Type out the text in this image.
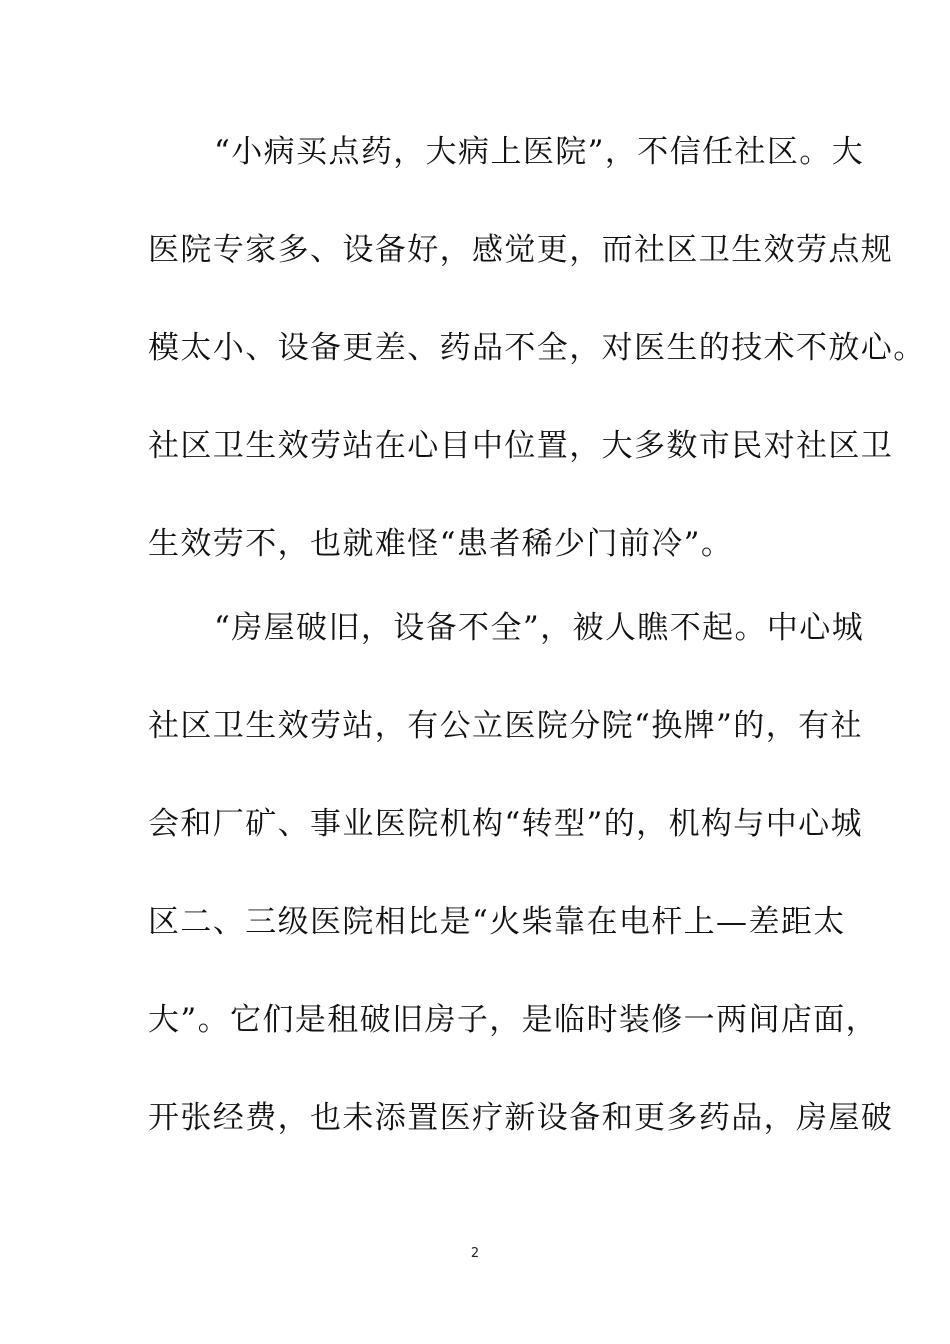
“小病买点药，大病上医院”，不信任社区。大
医院专家多、设备好，感觉更，而社区卫生效劳点规
模太小、设备更差、药品不全，对医生的技术不放心。
社区卫生效劳站在心目中位置，大多数市民对社区卫
生效劳不，也就难怪“患者稀少门前冷”。
“房屋破旧，设备不全”，被人瞧不起。中心城
社区卫生效劳站，有公立医院分院“换牌”的，有社
会和厂矿、事业医院机构“转型”的，机构与中心城
区二、三级医院相比是“火柴靠在电杆上—差距太
大”。它们是租破旧房子，是临时装修一两间店面，
开张经费，也未添置医疗新设备和更多药品，房屋破
2
